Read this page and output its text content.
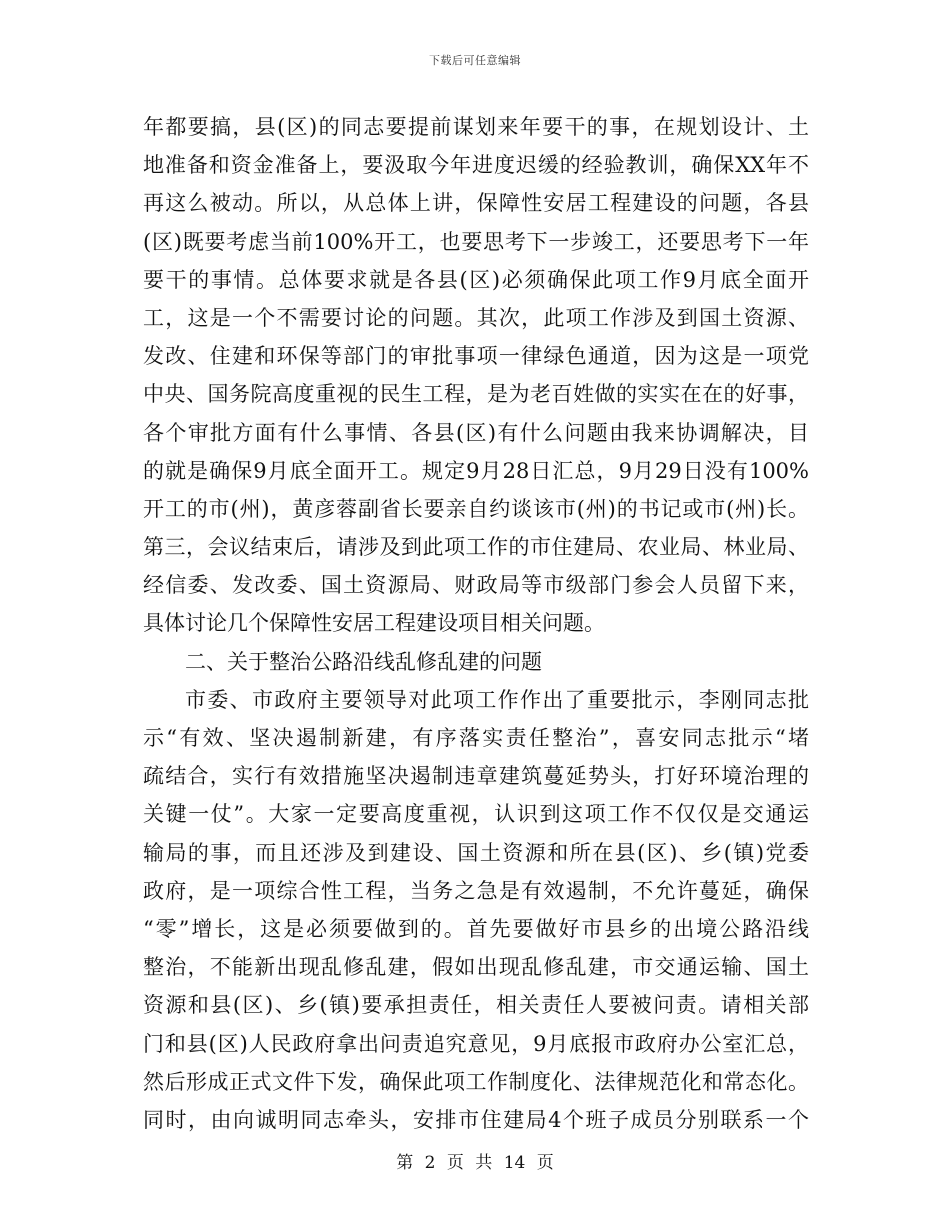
下载后可任意编辑
年都要搞，县(区)的同志要提前谋划来年要干的事，在规划设计、土
地准备和资金准备上，要汲取今年进度迟缓的经验教训，确保XX年不
再这么被动。所以，从总体上讲，保障性安居工程建设的问题，各县
(区)既要考虑当前100%开工，也要思考下一步竣工，还要思考下一年
要干的事情。总体要求就是各县(区)必须确保此项工作9月底全面开
工，这是一个不需要讨论的问题。其次，此项工作涉及到国土资源、
发改、住建和环保等部门的审批事项一律绿色通道，因为这是一项党
中央、国务院高度重视的民生工程，是为老百姓做的实实在在的好事，
各个审批方面有什么事情、各县(区)有什么问题由我来协调解决，目
的就是确保9月底全面开工。规定9月28日汇总，9月29日没有100%
开工的市(州)，黄彦蓉副省长要亲自约谈该市(州)的书记或市(州)长。
第三，会议结束后，请涉及到此项工作的市住建局、农业局、林业局、
经信委、发改委、国土资源局、财政局等市级部门参会人员留下来，
具体讨论几个保障性安居工程建设项目相关问题。
二、关于整治公路沿线乱修乱建的问题
市委、市政府主要领导对此项工作作出了重要批示，李刚同志批
示“有效、坚决遏制新建，有序落实责任整治”，喜安同志批示“堵
疏结合，实行有效措施坚决遏制违章建筑蔓延势头，打好环境治理的
关键一仗”。大家一定要高度重视，认识到这项工作不仅仅是交通运
输局的事，而且还涉及到建设、国土资源和所在县(区)、乡(镇)党委
政府，是一项综合性工程，当务之急是有效遏制，不允许蔓延，确保
“零”增长，这是必须要做到的。首先要做好市县乡的出境公路沿线
整治，不能新出现乱修乱建，假如出现乱修乱建，市交通运输、国土
资源和县(区)、乡(镇)要承担责任，相关责任人要被问责。请相关部
门和县(区)人民政府拿出问责追究意见，9月底报市政府办公室汇总，
然后形成正式文件下发，确保此项工作制度化、法律规范化和常态化。
同时，由向诚明同志牵头，安排市住建局4个班子成员分别联系一个
第 2 页 共 14 页
